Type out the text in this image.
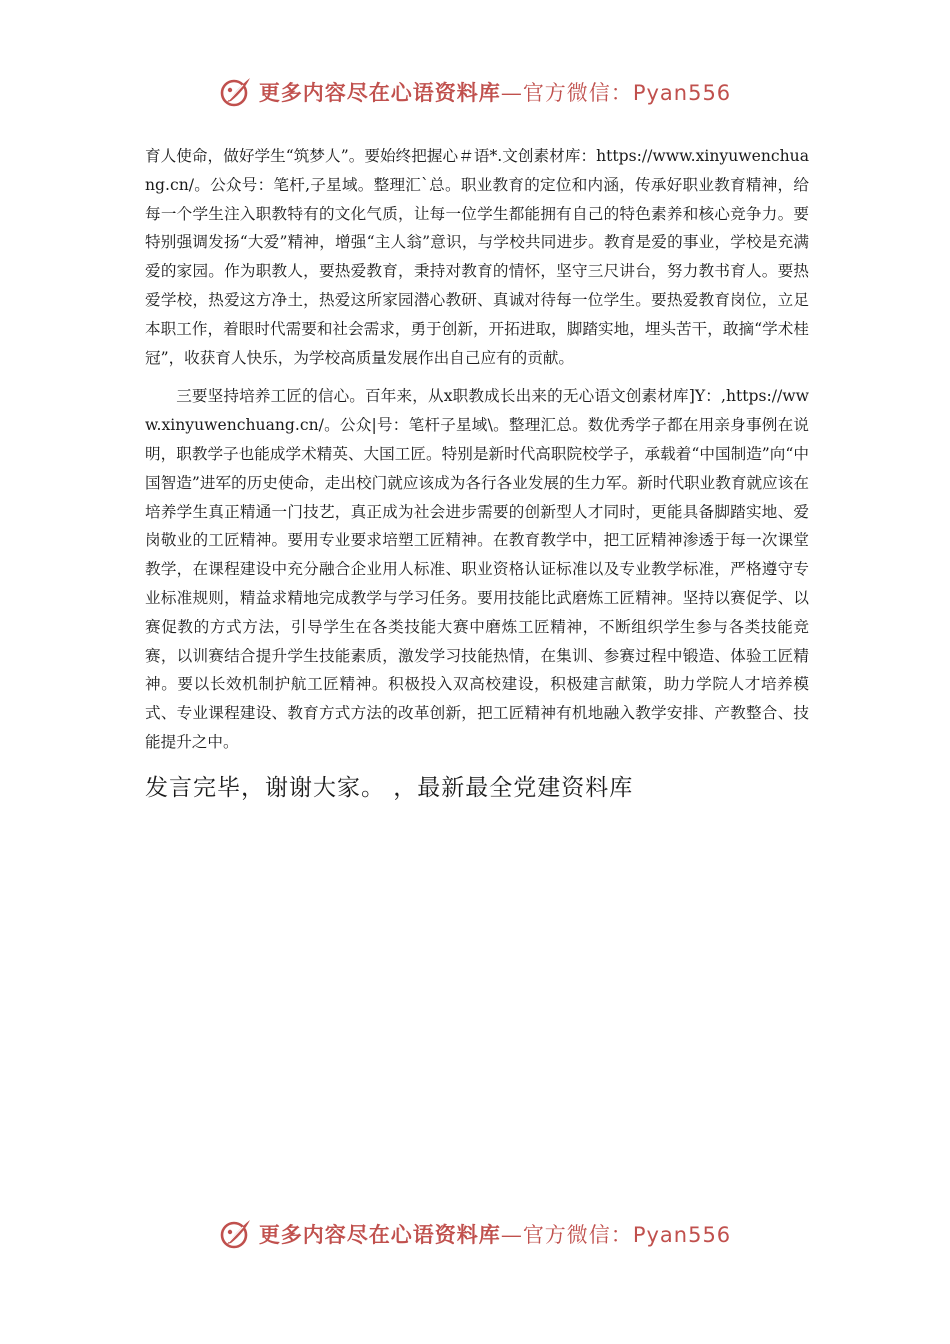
更多内容尽在心语资料库—官方微信：Pyan556

育人使命，做好学生“筑梦人”。要始终把握心＃语*.文创素材库：https://www.xinyuwenchuang.cn/。公众号：笔杆,子星域。整理汇`总。职业教育的定位和内涵，传承好职业教育精神，给每一个学生注入职教特有的文化气质，让每一位学生都能拥有自己的特色素养和核心竞争力。要特别强调发扬“大爱”精神，增强“主人翁”意识，与学校共同进步。教育是爱的事业，学校是充满爱的家园。作为职教人，要热爱教育，秉持对教育的情怀，坚守三尺讲台，努力教书育人。要热爱学校，热爱这方净土，热爱这所家园潜心教研、真诚对待每一位学生。要热爱教育岗位，立足本职工作，着眼时代需要和社会需求，勇于创新，开拓进取，脚踏实地，埋头苦干，敢摘“学术桂冠”，收获育人快乐，为学校高质量发展作出自己应有的贡献。

三要坚持培养工匠的信心。百年来，从x职教成长出来的无心语文创素材库]Y：,https://www.xinyuwenchuang.cn/。公众|号：笔杆子星域\。整理汇总。数优秀学子都在用亲身事例在说明，职教学子也能成学术精英、大国工匠。特别是新时代高职院校学子，承载着“中国制造”向“中国智造”进军的历史使命，走出校门就应该成为各行各业发展的生力军。新时代职业教育就应该在培养学生真正精通一门技艺，真正成为社会进步需要的创新型人才同时，更能具备脚踏实地、爱岗敬业的工匠精神。要用专业要求培塑工匠精神。在教育教学中，把工匠精神渗透于每一次课堂教学，在课程建设中充分融合企业用人标准、职业资格认证标准以及专业教学标准，严格遵守专业标准规则，精益求精地完成教学与学习任务。要用技能比武磨炼工匠精神。坚持以赛促学、以赛促教的方式方法，引导学生在各类技能大赛中磨炼工匠精神，不断组织学生参与各类技能竞赛，以训赛结合提升学生技能素质，激发学习技能热情，在集训、参赛过程中锻造、体验工匠精神。要以长效机制护航工匠精神。积极投入双高校建设，积极建言献策，助力学院人才培养模式、专业课程建设、教育方式方法的改革创新，把工匠精神有机地融入教学安排、产教整合、技能提升之中。

发言完毕，谢谢大家。 ，最新最全党建资料库
更多内容尽在心语资料库—官方微信：Pyan556
